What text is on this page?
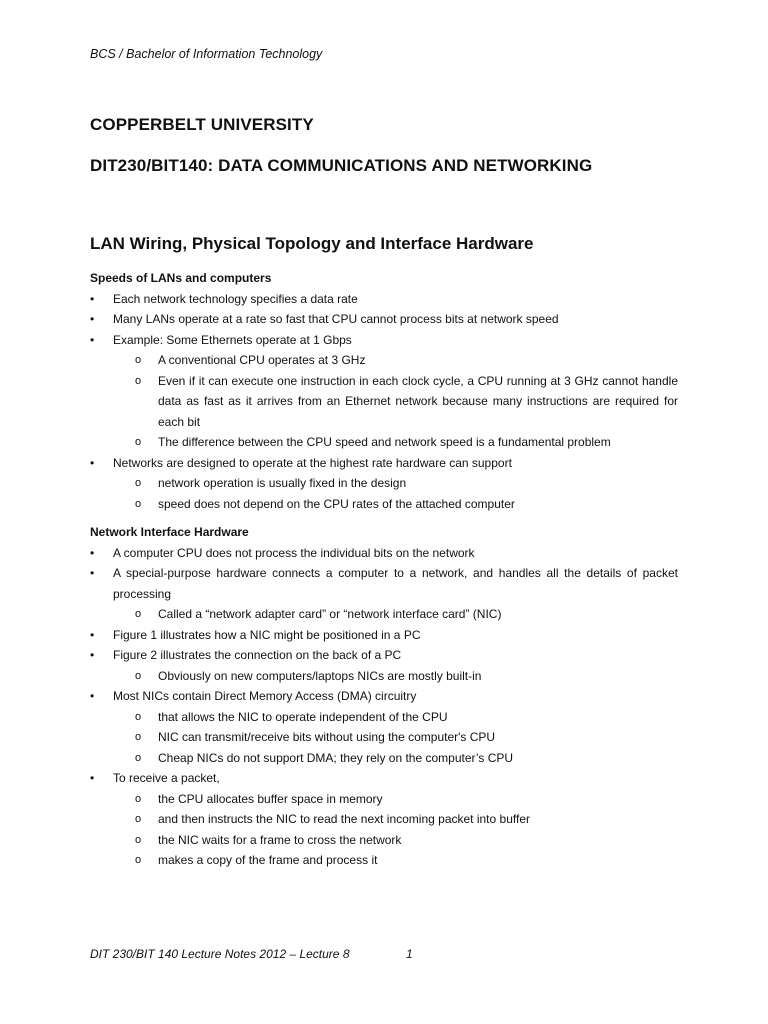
BCS / Bachelor of Information Technology
COPPERBELT UNIVERSITY
DIT230/BIT140: DATA COMMUNICATIONS AND NETWORKING
LAN Wiring, Physical Topology and Interface Hardware
Speeds of LANs and computers
•	Each network technology specifies a data rate
•	Many LANs operate at a rate so fast that CPU cannot process bits at network speed
•	Example: Some Ethernets operate at 1 Gbps
o	A conventional CPU operates at 3 GHz
o	Even if it can execute one instruction in each clock cycle, a CPU running at 3 GHz cannot handle data as fast as it arrives from an Ethernet network because many instructions are required for each bit
o	The difference between the CPU speed and network speed is a fundamental problem
•	Networks are designed to operate at the highest rate hardware can support
o	network operation is usually fixed in the design
o	speed does not depend on the CPU rates of the attached computer
Network Interface Hardware
•	A computer CPU does not process the individual bits on the network
•	A special-purpose hardware connects a computer to a network, and handles all the details of packet processing
o	Called a “network adapter card” or “network interface card” (NIC)
•	Figure 1 illustrates how a NIC might be positioned in a PC
•	Figure 2 illustrates the connection on the back of a PC
o	Obviously on new computers/laptops NICs are mostly built-in
•	Most NICs contain Direct Memory Access (DMA) circuitry
o	that allows the NIC to operate independent of the CPU
o	NIC can transmit/receive bits without using the computer's CPU
o	Cheap NICs do not support DMA; they rely on the computer’s CPU
•	To receive a packet,
o	the CPU allocates buffer space in memory
o	and then instructs the NIC to read the next incoming packet into buffer
o	the NIC waits for a frame to cross the network
o	makes a copy of the frame and process it
DIT 230/BIT 140 Lecture Notes 2012 – Lecture 8	1
